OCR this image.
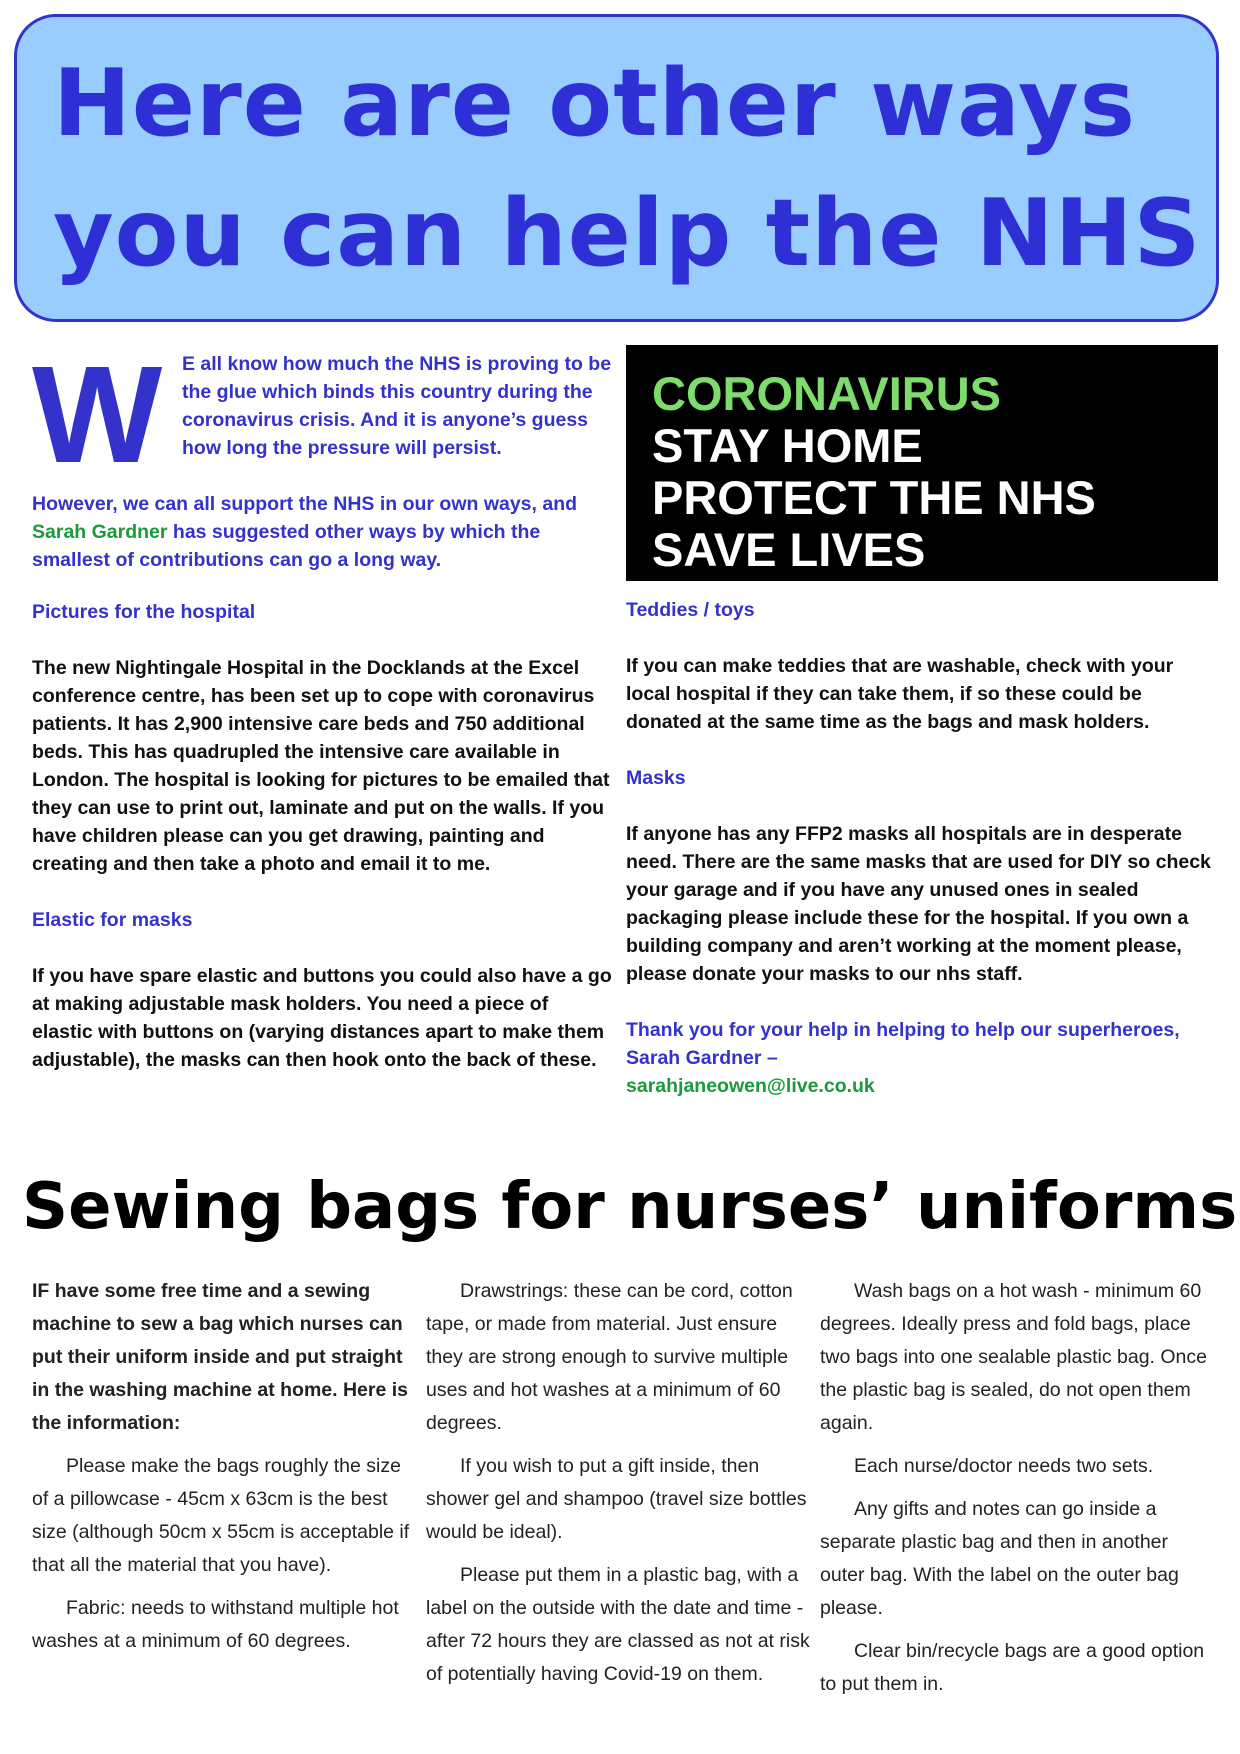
Here are other ways
you can help the NHS
W E all know how much the NHS is proving to be the glue which binds this country during the coronavirus crisis. And it is anyone’s guess how long the pressure will persist.

However, we can all support the NHS in our own ways, and Sarah Gardner has suggested other ways by which the smallest of contributions can go a long way.

Pictures for the hospital

The new Nightingale Hospital in the Docklands at the Excel conference centre, has been set up to cope with coronavirus patients. It has 2,900 intensive care beds and 750 additional beds. This has quadrupled the intensive care available in London. The hospital is looking for pictures to be emailed that they can use to print out, laminate and put on the walls. If you have children please can you get drawing, painting and creating and then take a photo and email it to me.

Elastic for masks

If you have spare elastic and buttons you could also have a go at making adjustable mask holders. You need a piece of elastic with buttons on (varying distances apart to make them adjustable), the masks can then hook onto the back of these.

CORONAVIRUS
STAY HOME
PROTECT THE NHS
SAVE LIVES

Teddies / toys

If you can make teddies that are washable, check with your local hospital if they can take them, if so these could be donated at the same time as the bags and mask holders.

Masks

If anyone has any FFP2 masks all hospitals are in desperate need. There are the same masks that are used for DIY so check your garage and if you have any unused ones in sealed packaging please include these for the hospital. If you own a building company and aren’t working at the moment please, please donate your masks to our nhs staff.

Thank you for your help in helping to help our superheroes, Sarah Gardner –

sarahjaneowen@live.co.uk

Sewing bags for nurses’ uniforms

IF have some free time and a sewing machine to sew a bag which nurses can put their uniform inside and put straight in the washing machine at home. Here is the information:

Please make the bags roughly the size of a pillowcase - 45cm x 63cm is the best size (although 50cm x 55cm is acceptable if that all the material that you have).

Fabric: needs to withstand multiple hot washes at a minimum of 60 degrees.

Drawstrings: these can be cord, cotton tape, or made from material. Just ensure they are strong enough to survive multiple uses and hot washes at a minimum of 60 degrees.

If you wish to put a gift inside, then shower gel and shampoo (travel size bottles would be ideal).

Please put them in a plastic bag, with a label on the outside with the date and time - after 72 hours they are classed as not at risk of potentially having Covid-19 on them.

Wash bags on a hot wash - minimum 60 degrees. Ideally press and fold bags, place two bags into one sealable plastic bag. Once the plastic bag is sealed, do not open them again.

Each nurse/doctor needs two sets.

Any gifts and notes can go inside a separate plastic bag and then in another outer bag. With the label on the outer bag please.

Clear bin/recycle bags are a good option to put them in.
